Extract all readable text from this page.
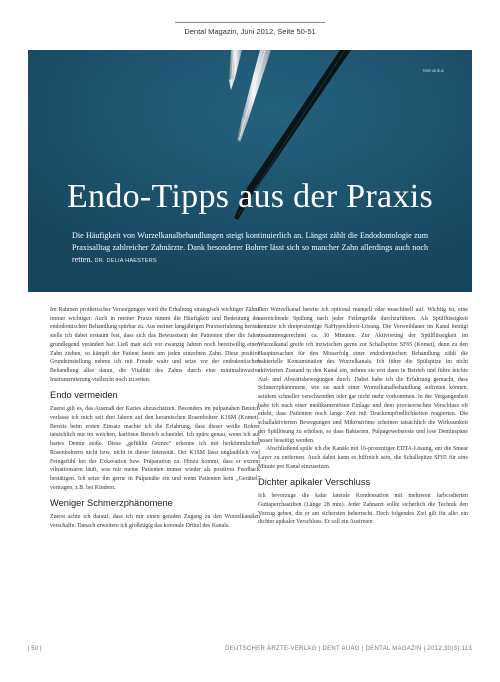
Dental Magazin, Juni 2012, Seite 50-51
Meinardus
Endo-Tipps aus der Praxis
Die Häufigkeit von Wurzelkanalbehandlungen steigt kontinuierlich an. Längst zählt die Endodontologie zum Praxisalltag zahlreicher Zahnärzte. Dank besonderer Bohrer lässt sich so mancher Zahn allerdings auch noch retten. DR. DELIA HAESTERS

Im Rahmen prothetischer Versorgungen wird die Erhaltung strategisch wichtiger Zähne immer wichtiger. Auch in meiner Praxis nimmt die Häufigkeit und Bedeutung der endodontischen Behandlung spürbar zu. Aus meiner langjährigen Praxiserfahrung heraus stelle ich dabei erstaunt fest, dass sich das Bewusstsein der Patienten über die Jahre grundlegend verändert hat: Ließ man sich vor zwanzig Jahren noch bereitwillig einen Zahn ziehen, so kämpft der Patient heute um jeden einzelnen Zahn. Diese positive Grundeinstellung nehme ich mit Freude wahr und setze vor der endodontischen Behandlung alles daran, die Vitalität des Zahns durch eine minimalinvasive Instrumentierung vielleicht noch zu retten.

Endo vermeiden

Zuerst gilt es, das Ausmaß der Karies abzuschätzen. Besonders im pulpanahen Bereich verlasse ich mich seit drei Jahren auf den keramischen Rosenbohrer K1SM (Komet). Bereits beim ersten Einsatz machte ich die Erfahrung, dass dieser weiße Bohrer tatsächlich nur im weichen, kariösen Bereich schneidet. Ich spüre genau, wenn ich auf hartes Dentin stoße. Diese „gefühlte Grenze" erkenne ich mit herkömmlichen Rosenbohrern nicht bzw. nicht in dieser Intensität. Der K1SM lässt unglaublich viel Feingefühl bei der Exkavation bzw. Präparation zu. Hinzu kommt, dass er extrem vibrationsarm läuft, was mir meine Patienten immer wieder als positives Feedback bestätigen. Ich setze ihn gerne in Pulpanähe ein und wenn Patienten kein „Gerättel" vertragen, z.B. bei Kindern.

Weniger Schmerzphänomene

Zuerst achte ich darauf, dass ich mir einen geraden Zugang zu den Wurzelkanälen verschaffe. Danach erweitere ich großzügig das koronale Drittel des Kanals.

Den Wurzelkanal bereite ich optional manuell oder maschinell auf. Wichtig ist, eine ausreichende Spülung nach jeder Feilengröße durchzuführen. Als Spülflüssigkeit benutze ich dreiprozentige NaHypochlorit-Lösung. Die Verweildauer im Kanal beträgt zusammengerechnet ca. 30 Minuten. Zur Aktivierung der Spülflüssigkeit im Wurzelkanal greife ich inzwischen gerne zur Schallspitze SF65 (Komet), denn zu den Hauptursachen für den Misserfolg einer endodontischen Behandlung zählt die bakterielle Kontamination des Wurzelkanals. Ich führe die Spülspitze im nicht aktivierten Zustand in den Kanal ein, nehme sie erst dann in Betrieb und führe leichte Auf- und Abwärtsbewegungen durch. Dabei habe ich die Erfahrung gemacht, dass Schmerzphänomene, wie sie nach einer Wurzelkanalbehandlung auftreten können, seitdem schneller verschwinden oder gar nicht mehr vorkommen. In der Vergangenheit habe ich nach einer medikamentösen Einlage und dem provisorischen Verschluss oft erlebt, dass Patienten noch lange Zeit mit Druckempfindlichkeiten reagierten. Die schallaktivierten Bewegungen und Mikroströme scheinen tatsächlich die Wirksamkeit der Spüllösung zu erhöhen, so dass Bakterien, Pulpagewebsreste und lose Dentinspäne besser beseitigt werden.

Abschließend spüle ich die Kanäle mit 16-prozentiger EDTA-Lösung, um die Smear Layer zu entfernen. Auch dabei kann es hilfreich sein, die Schallspitze SF65 für eine Minute pro Kanal einzusetzen.

Dichter apikaler Verschluss

Ich bevorzuge die kalte laterale Kondensation mit mehreren farbcodierten Guttaperchastiften (Länge 28 mm). Jeder Zahnarzt sollte sicherlich die Technik den Vorzug geben, die er am sichersten beherrscht. Doch folgendes Ziel gilt für alle: ein dichter apikaler Verschluss. Er soll ein Austreten

| 50 |	DEUTSCHER ÄRZTE-VERLAG | DENT AUAG | DENTAL MAGAZIN | 2012;30(3):113
